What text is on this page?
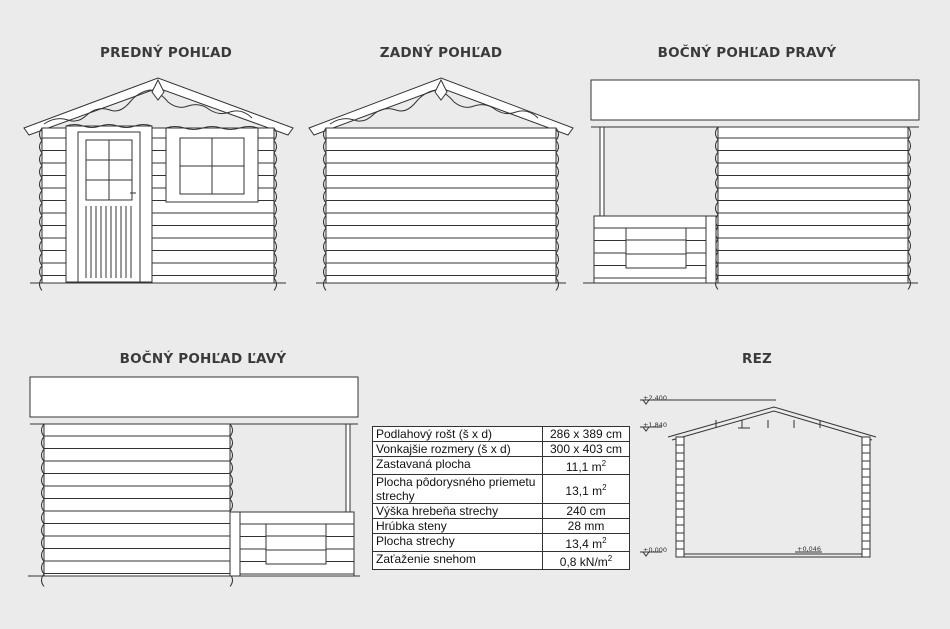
PREDNÝ POHĽAD	ZADNÝ POHĽAD	BOČNÝ POHĽAD PRAVÝ
BOČNÝ POHĽAD ĽAVÝ	REZ
+2,400
+1,840
±0,000	+0,046
Podlahový rošt (š x d)	286 x 389 cm
Vonkajšie rozmery (š x d)	300 x 403 cm
Zastavaná plocha	11,1 $m^2$
Plocha pôdorysného priemetu strechy	13,1 $m^2$
Výška hrebeňa strechy	240 cm
Hrúbka steny	28 mm
Plocha strechy	13,4 $m^2$
Zaťaženie snehom	0,8 $kN/m^2$
